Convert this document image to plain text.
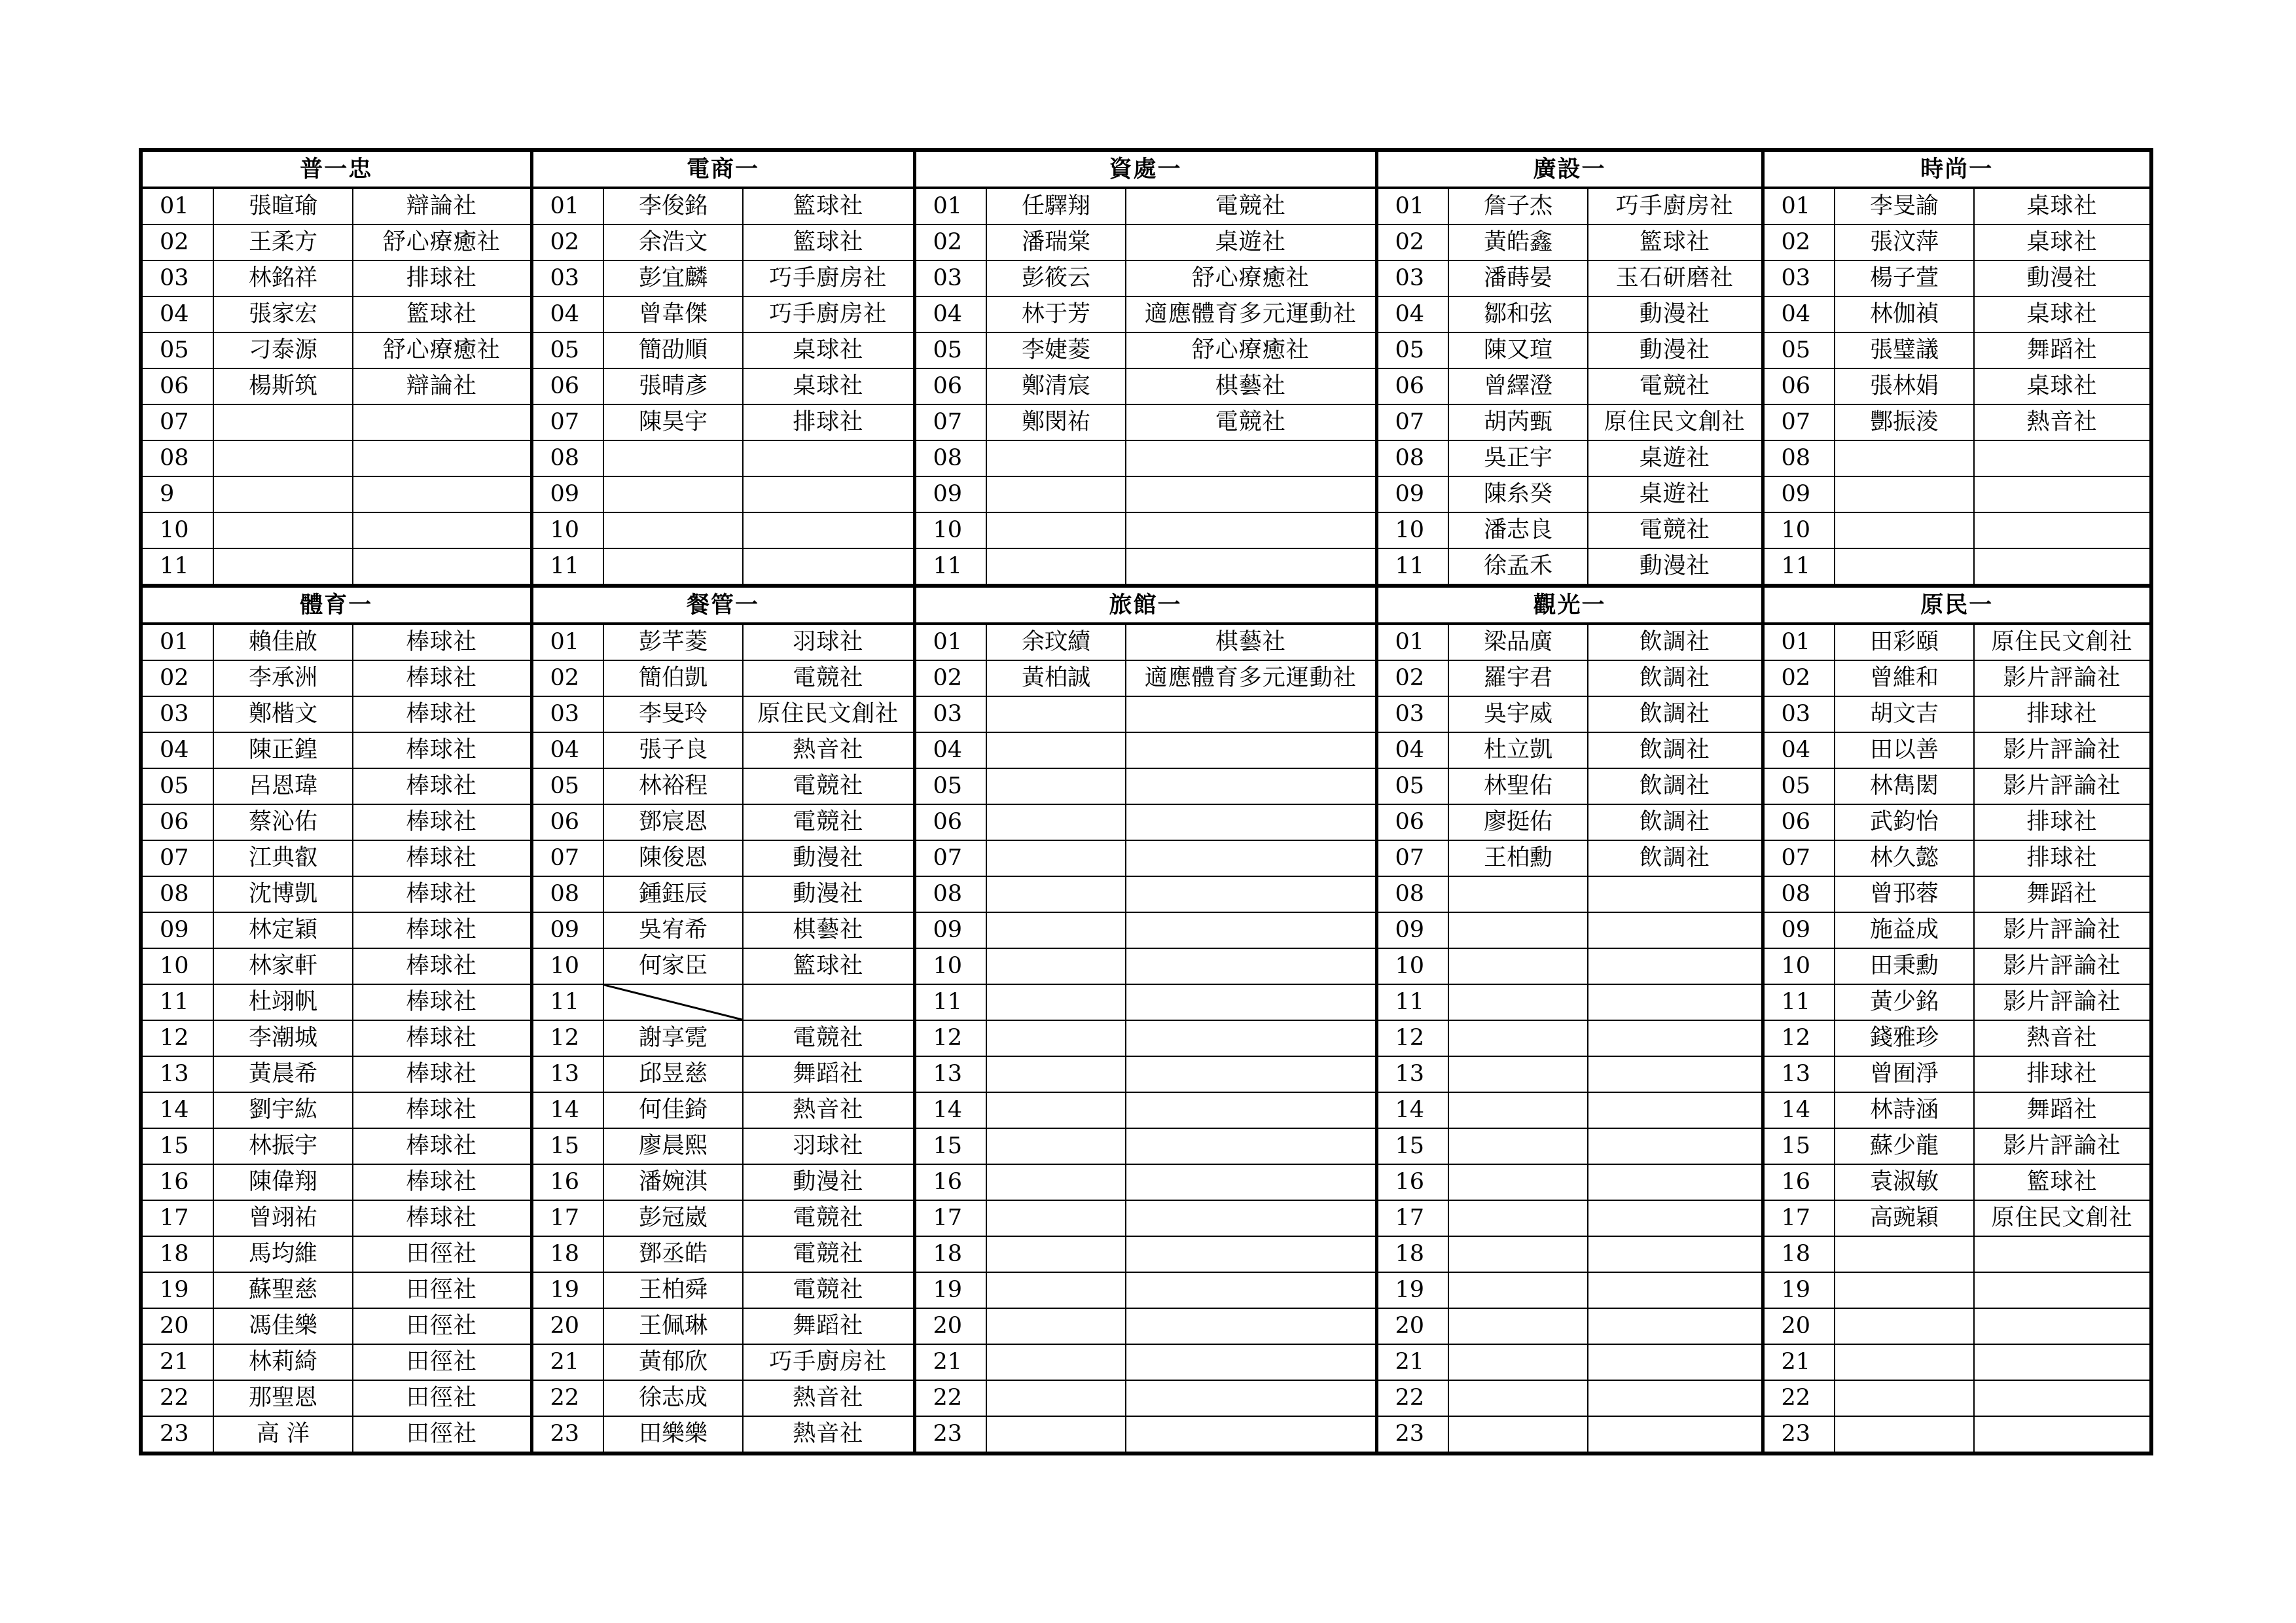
普一忠			電商一			資處一			廣設一			時尚一		
01	張暄瑜	辯論社	01	李俊銘	籃球社	01	任驛翔	電競社	01	詹子杰	巧手廚房社	01	李旻諭	桌球社
02	王柔方	舒心療癒社	02	余浩文	籃球社	02	潘瑞棠	桌遊社	02	黃皓鑫	籃球社	02	張汶萍	桌球社
03	林銘祥	排球社	03	彭宜麟	巧手廚房社	03	彭筱云	舒心療癒社	03	潘蒔晏	玉石研磨社	03	楊子萱	動漫社
04	張家宏	籃球社	04	曾韋傑	巧手廚房社	04	林于芳	適應體育多元運動社	04	鄒和弦	動漫社	04	林伽禎	桌球社
05	刁泰源	舒心療癒社	05	簡劭順	桌球社	05	李婕菱	舒心療癒社	05	陳又瑄	動漫社	05	張璧議	舞蹈社
06	楊斯筑	辯論社	06	張晴彥	桌球社	06	鄭清宸	棋藝社	06	曾繹澄	電競社	06	張林娟	桌球社
07			07	陳昊宇	排球社	07	鄭閔祐	電競社	07	胡芮甄	原住民文創社	07	酆振淩	熱音社
08			08			08			08	吳正宇	桌遊社	08		
9			09			09			09	陳糸癸	桌遊社	09		
10			10			10			10	潘志良	電競社	10		
11			11			11			11	徐孟禾	動漫社	11		
體育一			餐管一			旅館一			觀光一			原民一		
01	賴佳啟	棒球社	01	彭芊菱	羽球社	01	余玟續	棋藝社	01	梁品廣	飲調社	01	田彩頤	原住民文創社
02	李承洲	棒球社	02	簡伯凱	電競社	02	黃柏誠	適應體育多元運動社	02	羅宇君	飲調社	02	曾維和	影片評論社
03	鄭楷文	棒球社	03	李旻玲	原住民文創社	03			03	吳宇威	飲調社	03	胡文吉	排球社
04	陳正鍠	棒球社	04	張子良	熱音社	04			04	杜立凱	飲調社	04	田以善	影片評論社
05	呂恩瑋	棒球社	05	林裕程	電競社	05			05	林聖佑	飲調社	05	林雋閎	影片評論社
06	蔡沁佑	棒球社	06	鄧宸恩	電競社	06			06	廖挺佑	飲調社	06	武鈞怡	排球社
07	江典叡	棒球社	07	陳俊恩	動漫社	07			07	王柏勳	飲調社	07	林久懿	排球社
08	沈博凱	棒球社	08	鍾鈺辰	動漫社	08			08			08	曾邘蓉	舞蹈社
09	林定穎	棒球社	09	吳宥希	棋藝社	09			09			09	施益成	影片評論社
10	林家軒	棒球社	10	何家臣	籃球社	10			10			10	田秉勳	影片評論社
11	杜翊帆	棒球社	11			11			11			11	黃少銘	影片評論社
12	李潮城	棒球社	12	謝享霓	電競社	12			12			12	錢雅珍	熱音社
13	黃晨希	棒球社	13	邱昱慈	舞蹈社	13			13			13	曾囿淨	排球社
14	劉宇紘	棒球社	14	何佳錡	熱音社	14			14			14	林詩涵	舞蹈社
15	林振宇	棒球社	15	廖晨熙	羽球社	15			15			15	蘇少龍	影片評論社
16	陳偉翔	棒球社	16	潘婉淇	動漫社	16			16			16	袁淑敏	籃球社
17	曾翊祐	棒球社	17	彭冠崴	電競社	17			17			17	高豌穎	原住民文創社
18	馬均維	田徑社	18	鄧丞皓	電競社	18			18			18		
19	蘇聖慈	田徑社	19	王柏舜	電競社	19			19			19		
20	馮佳樂	田徑社	20	王佩琳	舞蹈社	20			20			20		
21	林莉綺	田徑社	21	黃郁欣	巧手廚房社	21			21			21		
22	那聖恩	田徑社	22	徐志成	熱音社	22			22			22		
23	高 洋	田徑社	23	田樂樂	熱音社	23			23			23		
